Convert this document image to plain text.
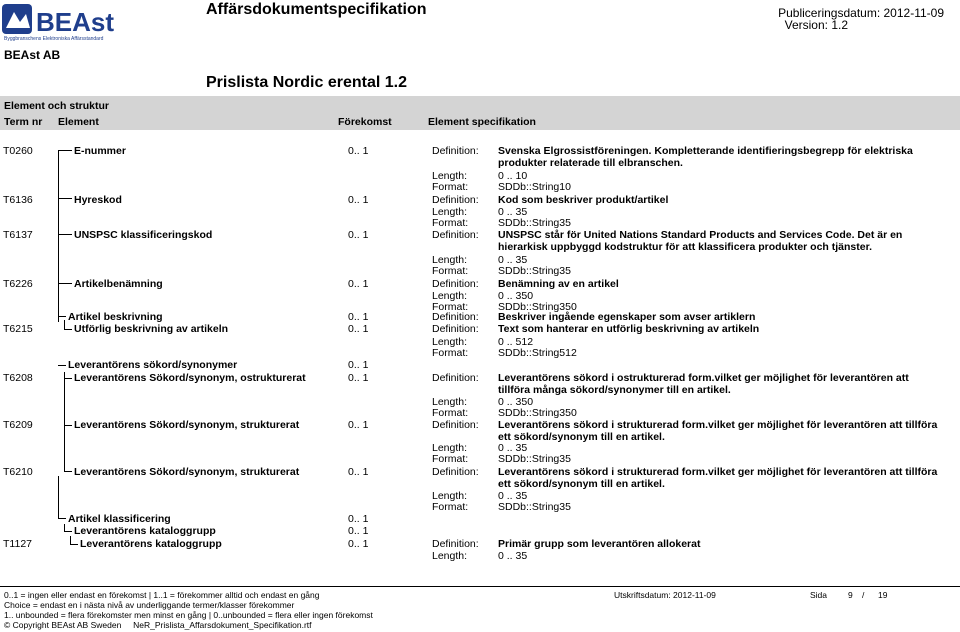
BEAst
Byggbranschens Elektroniska Affärsstandard
BEAst AB
Affärsdokumentspecifikation	Publiceringsdatum: 2012-11-09
Version: 1.2
Prislista Nordic erental 1.2
Element och struktur
Term nr Element	Förekomst	Element specifikation
T0260	E-nummer	0.. 1	Definition: Svenska Elgrossistföreningen. Kompletterande identifieringsbegrepp för elektriska produkter relaterade till elbranschen.
Length:	0 .. 10
Format:	SDDb::String10
T6136	Hyreskod	0.. 1	Definition: Kod som beskriver produkt/artikel
Length:	0 .. 35
Format:	SDDb::String35
T6137	UNSPSC klassificeringskod	0.. 1	Definition: UNSPSC står för United Nations Standard Products and Services Code. Det är en hierarkisk uppbyggd kodstruktur för att klassificera produkter och tjänster.
Length:	0 .. 35
Format:	SDDb::String35
T6226	Artikelbenämning	0.. 1	Definition: Benämning av en artikel
Length:	0 .. 350
Format:	SDDb::String350
Artikel beskrivning	0.. 1	Definition: Beskriver ingående egenskaper som avser artiklern
T6215	Utförlig beskrivning av artikeln	0.. 1	Definition: Text som hanterar en utförlig beskrivning av artikeln
Length:	0 .. 512
Format:	SDDb::String512
Leverantörens sökord/synonymer	0.. 1
T6208	Leverantörens Sökord/synonym, ostrukturerat	0.. 1	Definition: Leverantörens sökord i ostrukturerad form.vilket ger möjlighet för leverantören att tillföra många sökord/synonymer till en artikel.
Length:	0 .. 350
Format:	SDDb::String350
T6209	Leverantörens Sökord/synonym, strukturerat	0.. 1	Definition: Leverantörens sökord i strukturerad form.vilket ger möjlighet för leverantören att tillföra ett sökord/synonym till en artikel.
Length:	0 .. 35
Format:	SDDb::String35
T6210	Leverantörens Sökord/synonym, strukturerat	0.. 1	Definition: Leverantörens sökord i strukturerad form.vilket ger möjlighet för leverantören att tillföra ett sökord/synonym till en artikel.
Length:	0 .. 35
Format:	SDDb::String35
Artikel klassificering	0.. 1
Leverantörens kataloggrupp	0.. 1
T1127	Leverantörens kataloggrupp	0.. 1	Definition: Primär grupp som leverantören allokerat
Length:	0 .. 35
0..1 = ingen eller endast en förekomst | 1..1 = förekommer alltid och endast en gång
Choice = endast en i nästa nivå av underliggande termer/klasser förekommer
1.. unbounded = flera förekomster men minst en gång | 0..unbounded = flera eller ingen förekomst
© Copyright BEAst AB Sweden     NeR_Prislista_Affarsdokument_Specifikation.rtf
Utskriftsdatum: 2012-11-09	Sida 9 / 19
